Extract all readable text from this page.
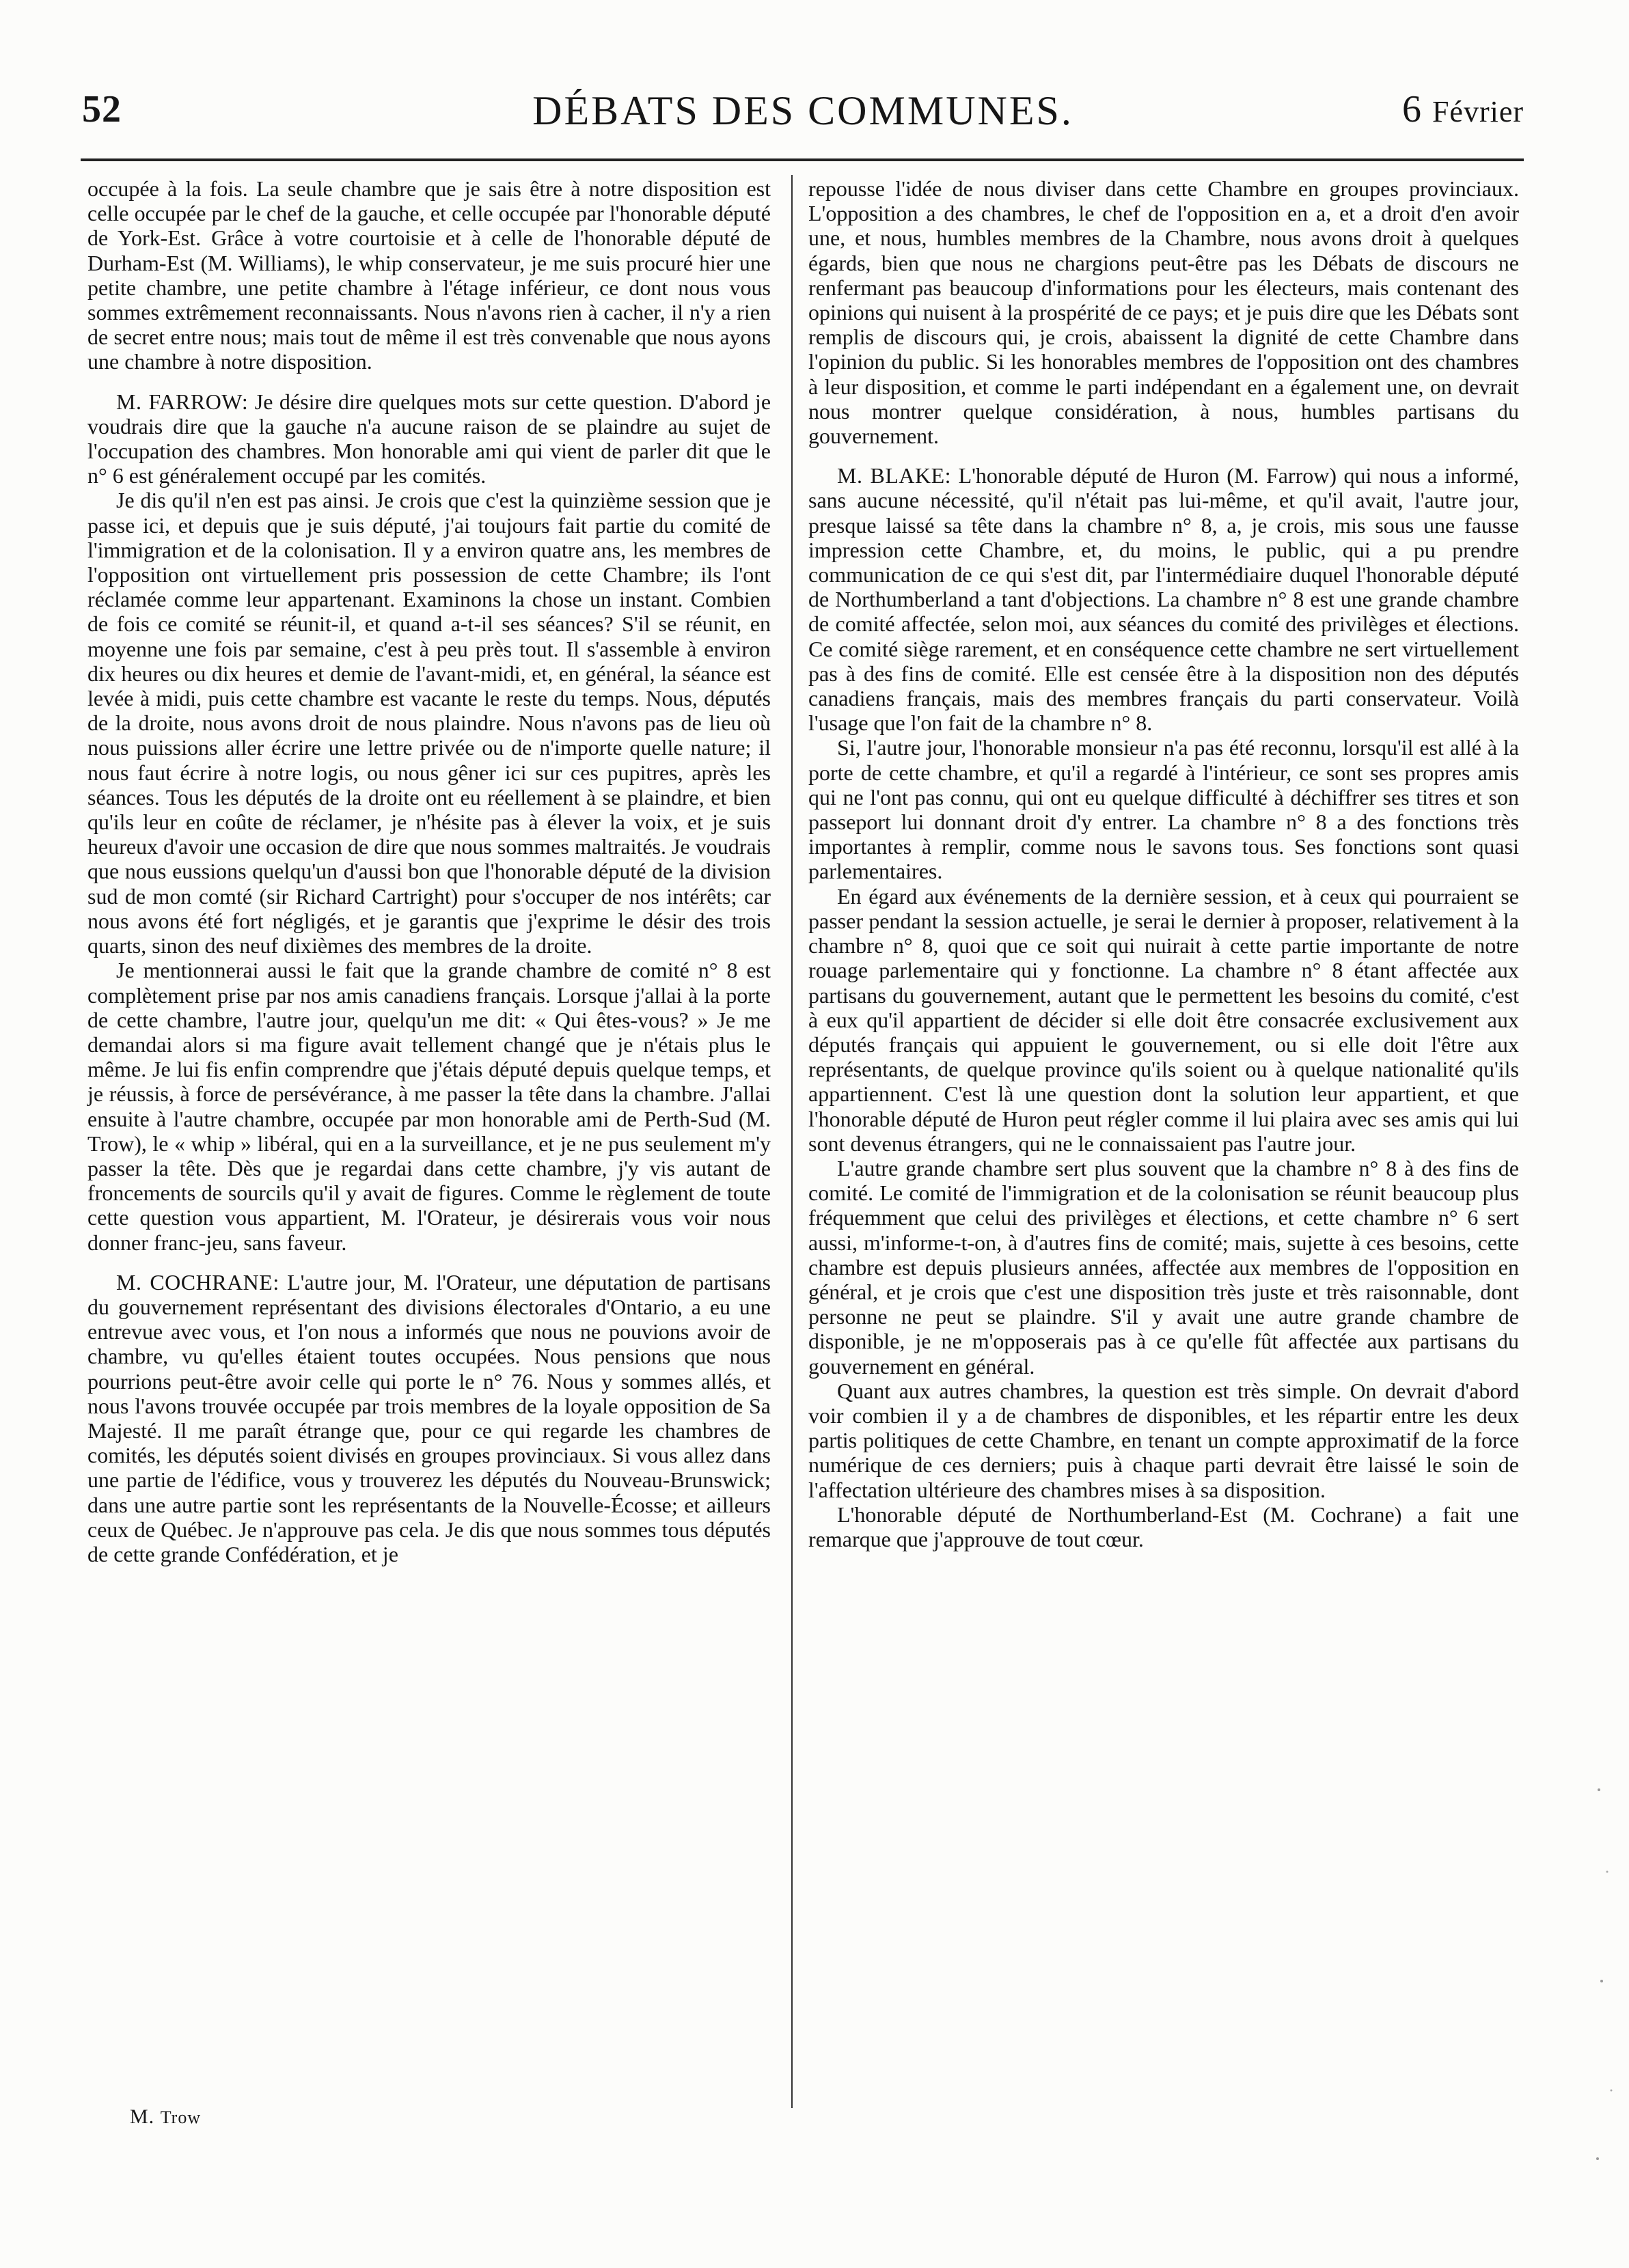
DÉBATS DES COMMUNES.
52	6 Février

occupée à la fois. La seule chambre que je sais être à notre disposition est celle occupée par le chef de la gauche, et celle occupée par l'honorable député de York-Est. Grâce à votre courtoisie et à celle de l'honorable député de Durham-Est (M. Williams), le whip conservateur, je me suis procuré hier une petite chambre, une petite chambre à l'étage inférieur, ce dont nous vous sommes extrêmement reconnaissants. Nous n'avons rien à cacher, il n'y a rien de secret entre nous; mais tout de même il est très convenable que nous ayons une chambre à notre disposition.

M. FARROW: Je désire dire quelques mots sur cette question. D'abord je voudrais dire que la gauche n'a aucune raison de se plaindre au sujet de l'occupation des chambres. Mon honorable ami qui vient de parler dit que le n° 6 est généralement occupé par les comités.

Je dis qu'il n'en est pas ainsi. Je crois que c'est la quinzième session que je passe ici, et depuis que je suis député, j'ai toujours fait partie du comité de l'immigration et de la colonisation. Il y a environ quatre ans, les membres de l'opposition ont virtuellement pris possession de cette Chambre; ils l'ont réclamée comme leur appartenant. Examinons la chose un instant. Combien de fois ce comité se réunit-il, et quand a-t-il ses séances? S'il se réunit, en moyenne une fois par semaine, c'est à peu près tout. Il s'assemble à environ dix heures ou dix heures et demie de l'avant-midi, et, en général, la séance est levée à midi, puis cette chambre est vacante le reste du temps. Nous, députés de la droite, nous avons droit de nous plaindre. Nous n'avons pas de lieu où nous puissions aller écrire une lettre privée ou de n'importe quelle nature; il nous faut écrire à notre logis, ou nous gêner ici sur ces pupitres, après les séances. Tous les députés de la droite ont eu réellement à se plaindre, et bien qu'ils leur en coûte de réclamer, je n'hésite pas à élever la voix, et je suis heureux d'avoir une occasion de dire que nous sommes maltraités. Je voudrais que nous eussions quelqu'un d'aussi bon que l'honorable député de la division sud de mon comté (sir Richard Cartright) pour s'occuper de nos intérêts; car nous avons été fort négligés, et je garantis que j'exprime le désir des trois quarts, sinon des neuf dixièmes des membres de la droite.

Je mentionnerai aussi le fait que la grande chambre de comité n° 8 est complètement prise par nos amis canadiens français. Lorsque j'allai à la porte de cette chambre, l'autre jour, quelqu'un me dit: « Qui êtes-vous? » Je me demandai alors si ma figure avait tellement changé que je n'étais plus le même. Je lui fis enfin comprendre que j'étais député depuis quelque temps, et je réussis, à force de persévérance, à me passer la tête dans la chambre. J'allai ensuite à l'autre chambre, occupée par mon honorable ami de Perth-Sud (M. Trow), le « whip » libéral, qui en a la surveillance, et je ne pus seulement m'y passer la tête. Dès que je regardai dans cette chambre, j'y vis autant de froncements de sourcils qu'il y avait de figures. Comme le règlement de toute cette question vous appartient, M. l'Orateur, je désirerais vous voir nous donner franc-jeu, sans faveur.

M. COCHRANE: L'autre jour, M. l'Orateur, une députation de partisans du gouvernement représentant des divisions électorales d'Ontario, a eu une entrevue avec vous, et l'on nous a informés que nous ne pouvions avoir de chambre, vu qu'elles étaient toutes occupées. Nous pensions que nous pourrions peut-être avoir celle qui porte le n° 76. Nous y sommes allés, et nous l'avons trouvée occupée par trois membres de la loyale opposition de Sa Majesté. Il me paraît étrange que, pour ce qui regarde les chambres de comités, les députés soient divisés en groupes provinciaux. Si vous allez dans une partie de l'édifice, vous y trouverez les députés du Nouveau-Brunswick; dans une autre partie sont les représentants de la Nouvelle-Écosse; et ailleurs ceux de Québec. Je n'approuve pas cela. Je dis que nous sommes tous députés de cette grande Confédération, et je

repousse l'idée de nous diviser dans cette Chambre en groupes provinciaux. L'opposition a des chambres, le chef de l'opposition en a, et a droit d'en avoir une, et nous, humbles membres de la Chambre, nous avons droit à quelques égards, bien que nous ne chargions peut-être pas les Débats de discours ne renfermant pas beaucoup d'informations pour les électeurs, mais contenant des opinions qui nuisent à la prospérité de ce pays; et je puis dire que les Débats sont remplis de discours qui, je crois, abaissent la dignité de cette Chambre dans l'opinion du public. Si les honorables membres de l'opposition ont des chambres à leur disposition, et comme le parti indépendant en a également une, on devrait nous montrer quelque considération, à nous, humbles partisans du gouvernement.

M. BLAKE: L'honorable député de Huron (M. Farrow) qui nous a informé, sans aucune nécessité, qu'il n'était pas lui-même, et qu'il avait, l'autre jour, presque laissé sa tête dans la chambre n° 8, a, je crois, mis sous une fausse impression cette Chambre, et, du moins, le public, qui a pu prendre communication de ce qui s'est dit, par l'intermédiaire duquel l'honorable député de Northumberland a tant d'objections. La chambre n° 8 est une grande chambre de comité affectée, selon moi, aux séances du comité des privilèges et élections. Ce comité siège rarement, et en conséquence cette chambre ne sert virtuellement pas à des fins de comité. Elle est censée être à la disposition non des députés canadiens français, mais des membres français du parti conservateur. Voilà l'usage que l'on fait de la chambre n° 8.

Si, l'autre jour, l'honorable monsieur n'a pas été reconnu, lorsqu'il est allé à la porte de cette chambre, et qu'il a regardé à l'intérieur, ce sont ses propres amis qui ne l'ont pas connu, qui ont eu quelque difficulté à déchiffrer ses titres et son passeport lui donnant droit d'y entrer. La chambre n° 8 a des fonctions très importantes à remplir, comme nous le savons tous. Ses fonctions sont quasi parlementaires.

En égard aux événements de la dernière session, et à ceux qui pourraient se passer pendant la session actuelle, je serai le dernier à proposer, relativement à la chambre n° 8, quoi que ce soit qui nuirait à cette partie importante de notre rouage parlementaire qui y fonctionne. La chambre n° 8 étant affectée aux partisans du gouvernement, autant que le permettent les besoins du comité, c'est à eux qu'il appartient de décider si elle doit être consacrée exclusivement aux députés français qui appuient le gouvernement, ou si elle doit l'être aux représentants, de quelque province qu'ils soient ou à quelque nationalité qu'ils appartiennent. C'est là une question dont la solution leur appartient, et que l'honorable député de Huron peut régler comme il lui plaira avec ses amis qui lui sont devenus étrangers, qui ne le connaissaient pas l'autre jour.

L'autre grande chambre sert plus souvent que la chambre n° 8 à des fins de comité. Le comité de l'immigration et de la colonisation se réunit beaucoup plus fréquemment que celui des privilèges et élections, et cette chambre n° 6 sert aussi, m'informe-t-on, à d'autres fins de comité; mais, sujette à ces besoins, cette chambre est depuis plusieurs années, affectée aux membres de l'opposition en général, et je crois que c'est une disposition très juste et très raisonnable, dont personne ne peut se plaindre. S'il y avait une autre grande chambre de disponible, je ne m'opposerais pas à ce qu'elle fût affectée aux partisans du gouvernement en général.

Quant aux autres chambres, la question est très simple. On devrait d'abord voir combien il y a de chambres de disponibles, et les répartir entre les deux partis politiques de cette Chambre, en tenant un compte approximatif de la force numérique de ces derniers; puis à chaque parti devrait être laissé le soin de l'affectation ultérieure des chambres mises à sa disposition.

L'honorable député de Northumberland-Est (M. Cochrane) a fait une remarque que j'approuve de tout cœur.

M. Trow
